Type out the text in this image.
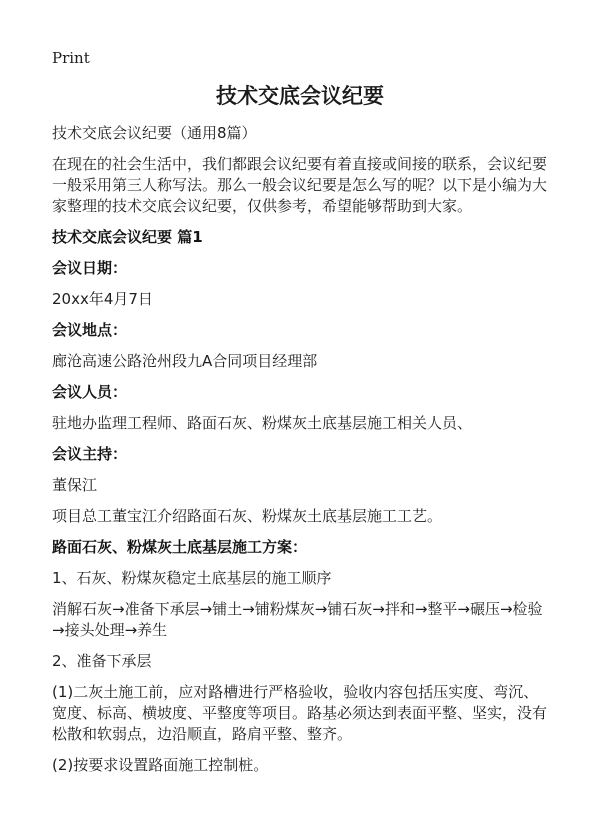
Print
技术交底会议纪要

技术交底会议纪要（通用8篇）

在现在的社会生活中，我们都跟会议纪要有着直接或间接的联系，会议纪要一般采用第三人称写法。那么一般会议纪要是怎么写的呢？以下是小编为大家整理的技术交底会议纪要，仅供参考，希望能够帮助到大家。

技术交底会议纪要 篇1

会议日期：

20xx年4月7日

会议地点：

廊沧高速公路沧州段九A合同项目经理部

会议人员：

驻地办监理工程师、路面石灰、粉煤灰土底基层施工相关人员、

会议主持：

董保江

项目总工董宝江介绍路面石灰、粉煤灰土底基层施工工艺。

路面石灰、粉煤灰土底基层施工方案：

1、石灰、粉煤灰稳定土底基层的施工顺序

消解石灰→准备下承层→铺土→铺粉煤灰→铺石灰→拌和→整平→碾压→检验→接头处理→养生

2、准备下承层

(1)二灰土施工前，应对路槽进行严格验收，验收内容包括压实度、弯沉、宽度、标高、横坡度、平整度等项目。路基必须达到表面平整、坚实，没有松散和软弱点，边沿顺直，路肩平整、整齐。

(2)按要求设置路面施工控制桩。
